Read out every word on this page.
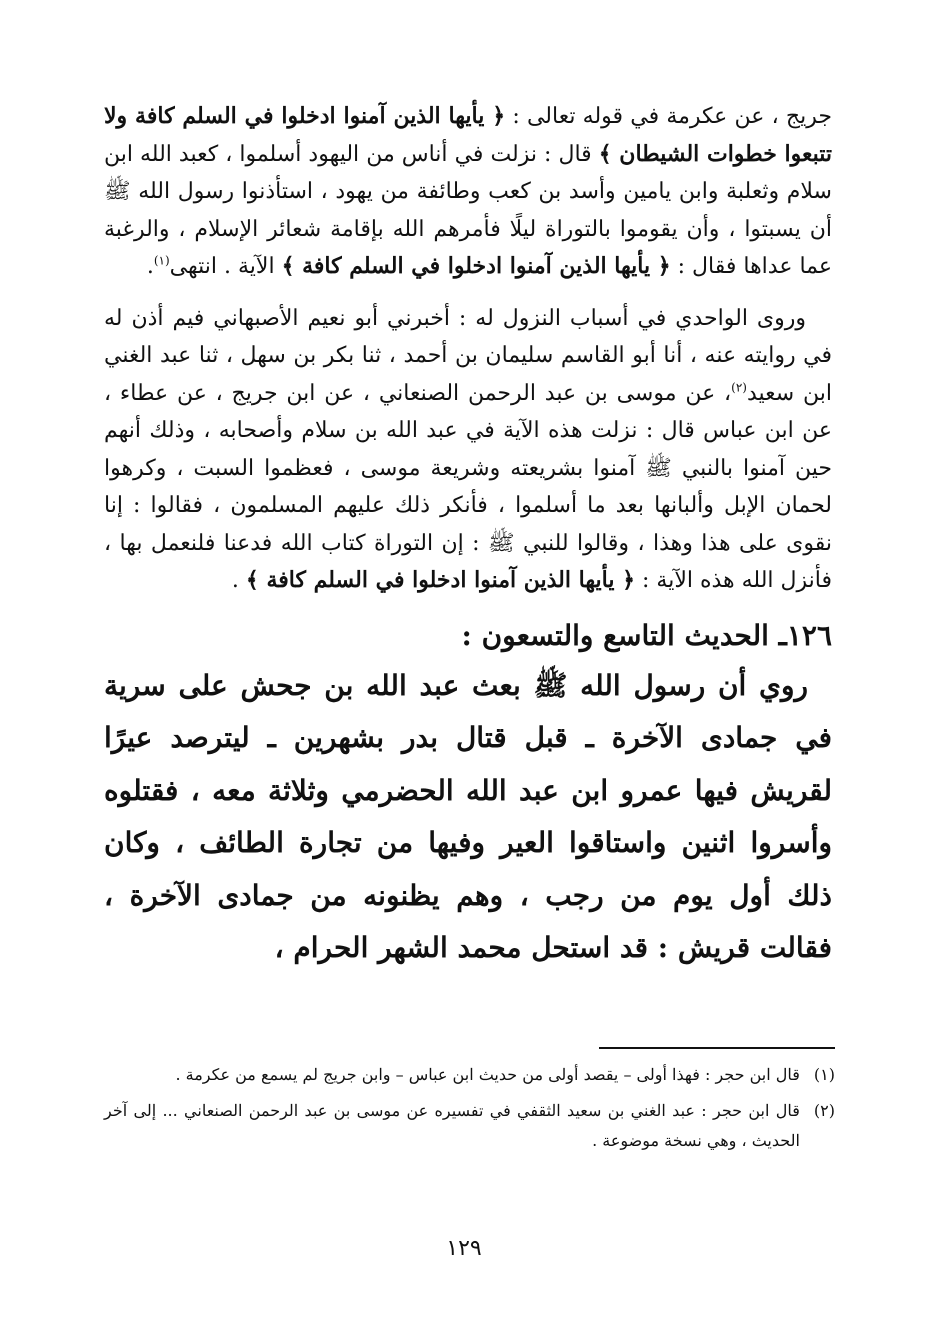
جريج ، عن عكرمة في قوله تعالى : ﴿ يأيها الذين آمنوا ادخلوا في السلم كافة ولا تتبعوا خطوات الشيطان ﴾ قال : نزلت في أناس من اليهود أسلموا ، كعبد الله ابن سلام وثعلبة وابن يامين وأسد بن كعب وطائفة من يهود ، استأذنوا رسول الله ﷺ أن يسبتوا ، وأن يقوموا بالتوراة ليلًا فأمرهم الله بإقامة شعائر الإسلام ، والرغبة عما عداها فقال : ﴿ يأيها الذين آمنوا ادخلوا في السلم كافة ﴾ الآية . انتهى$^{(١)}$.

وروى الواحدي في أسباب النزول له : أخبرني أبو نعيم الأصبهاني فيم أذن له في روايته عنه ، أنا أبو القاسم سليمان بن أحمد ، ثنا بكر بن سهل ، ثنا عبد الغني ابن سعيد$^{(٢)}$، عن موسى بن عبد الرحمن الصنعاني ، عن ابن جريج ، عن عطاء ، عن ابن عباس قال : نزلت هذه الآية في عبد الله بن سلام وأصحابه ، وذلك أنهم حين آمنوا بالنبي ﷺ آمنوا بشريعته وشريعة موسى ، فعظموا السبت ، وكرهوا لحمان الإبل وألبانها بعد ما أسلموا ، فأنكر ذلك عليهم المسلمون ، فقالوا : إنا نقوى على هذا وهذا ، وقالوا للنبي ﷺ : إن التوراة كتاب الله فدعنا فلنعمل بها ، فأنزل الله هذه الآية : ﴿ يأيها الذين آمنوا ادخلوا في السلم كافة ﴾ .

١٢٦ـ الحديث التاسع والتسعون :

روي أن رسول الله ﷺ بعث عبد الله بن جحش على سرية في جمادى الآخرة ـ قبل قتال بدر بشهرين ـ ليترصد عيرًا لقريش فيها عمرو ابن عبد الله الحضرمي وثلاثة معه ، فقتلوه وأسروا اثنين واستاقوا العير وفيها من تجارة الطائف ، وكان ذلك أول يوم من رجب ، وهم يظنونه من جمادى الآخرة ، فقالت قريش : قد استحل محمد الشهر الحرام ،

(١)
قال ابن حجر : فهذا أولى – يقصد أولى من حديث ابن عباس – وابن جريج لم يسمع من عكرمة .
(٢)
قال ابن حجر : عبد الغني بن سعيد الثقفي في تفسيره عن موسى بن عبد الرحمن الصنعاني ... إلى آخر الحديث ، وهي نسخة موضوعة .
١٢٩
